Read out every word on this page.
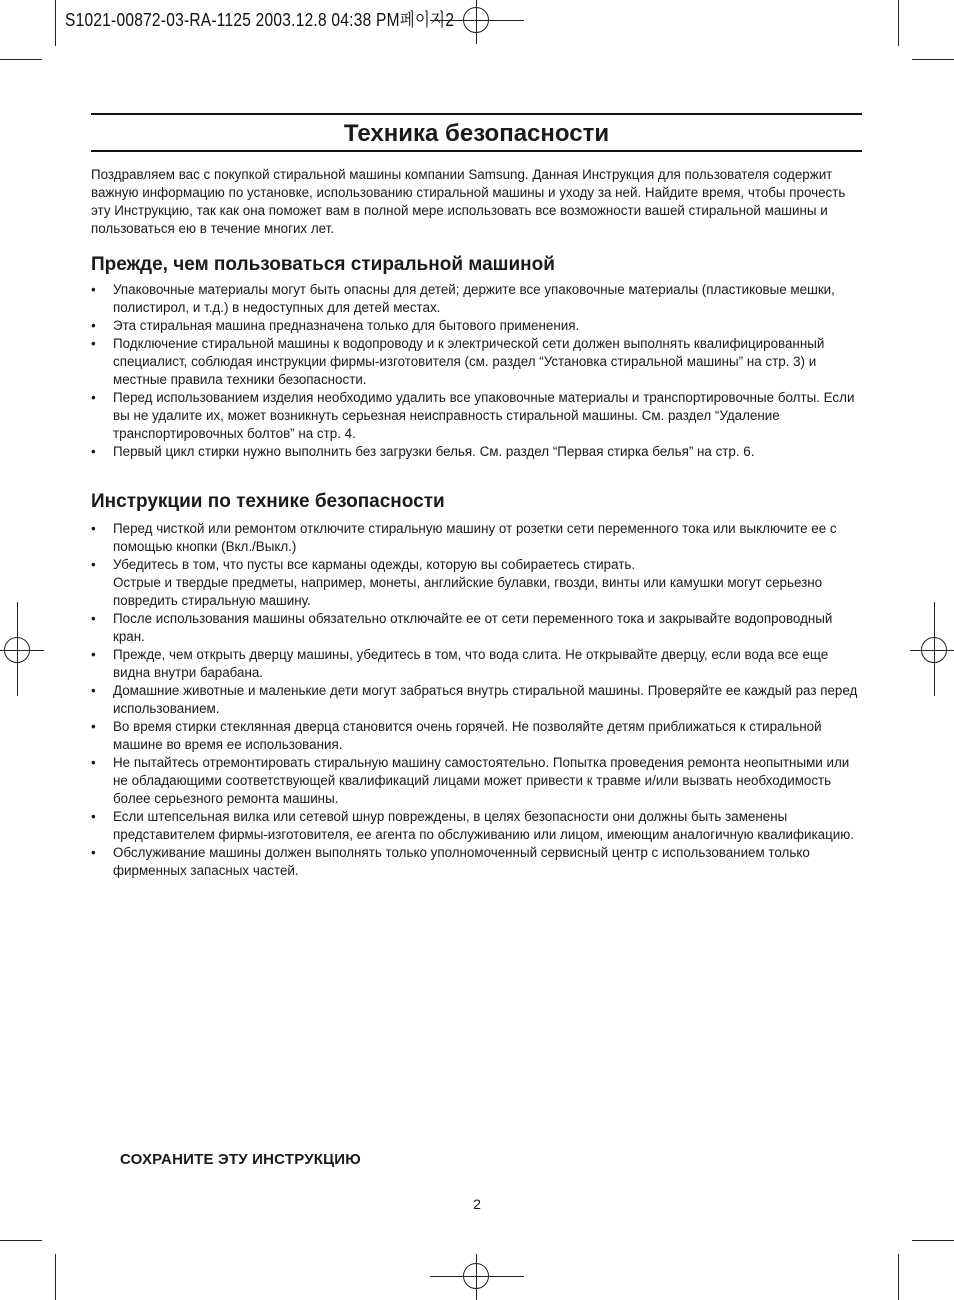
S1021-00872-03-RA-1125 2003.12.8 04:38 PM페이지2
Техника безопасности

Поздравляем вас с покупкой стиральной машины компании Samsung. Данная Инструкция для пользователя содержит важную информацию по установке, использованию стиральной машины и уходу за ней. Найдите время, чтобы прочесть эту Инструкцию, так как она поможет вам в полной мере использовать все возможности вашей стиральной машины и пользоваться ею в течение многих лет.

Прежде, чем пользоваться стиральной машиной
• Упаковочные материалы могут быть опасны для детей; держите все упаковочные материалы (пластиковые мешки, полистирол, и т.д.) в недоступных для детей местах.
• Эта стиральная машина предназначена только для бытового применения.
• Подключение стиральной машины к водопроводу и к электрической сети должен выполнять квалифицированный специалист, соблюдая инструкции фирмы-изготовителя (см. раздел “Установка стиральной машины” на стр. 3) и местные правила техники безопасности.
• Перед использованием изделия необходимо удалить все упаковочные материалы и транспортировочные болты. Если вы не удалите их, может возникнуть серьезная неисправность стиральной машины. См. раздел “Удаление транспортировочных болтов” на стр. 4.
• Первый цикл стирки нужно выполнить без загрузки белья. См. раздел “Первая стирка белья” на стр. 6.
Инструкции по технике безопасности
• Перед чисткой или ремонтом отключите стиральную машину от розетки сети переменного тока или выключите ее с помощью кнопки (Вкл./Выкл.)
• Убедитесь в том, что пусты все карманы одежды, которую вы собираетесь стирать.
Острые и твердые предметы, например, монеты, английские булавки, гвозди, винты или камушки могут серьезно повредить стиральную машину.
• После использования машины обязательно отключайте ее от сети переменного тока и закрывайте водопроводный кран.
• Прежде, чем открыть дверцу машины, убедитесь в том, что вода слита. Не открывайте дверцу, если вода все еще видна внутри барабана.
• Домашние животные и маленькие дети могут забраться внутрь стиральной машины. Проверяйте ее каждый раз перед использованием.
• Во время стирки стеклянная дверца становится очень горячей. Не позволяйте детям приближаться к стиральной машине во время ее использования.
• Не пытайтесь отремонтировать стиральную машину самостоятельно. Попытка проведения ремонта неопытными или не обладающими соответствующей квалификаций лицами может привести к травме и/или вызвать необходимость более серьезного ремонта машины.
• Если штепсельная вилка или сетевой шнур повреждены, в целях безопасности они должны быть заменены представителем фирмы-изготовителя, ее агента по обслуживанию или лицом, имеющим аналогичную квалификацию.
• Обслуживание машины должен выполнять только уполномоченный сервисный центр с использованием только фирменных запасных частей.

СОХРАНИТЕ ЭТУ ИНСТРУКЦИЮ

2
